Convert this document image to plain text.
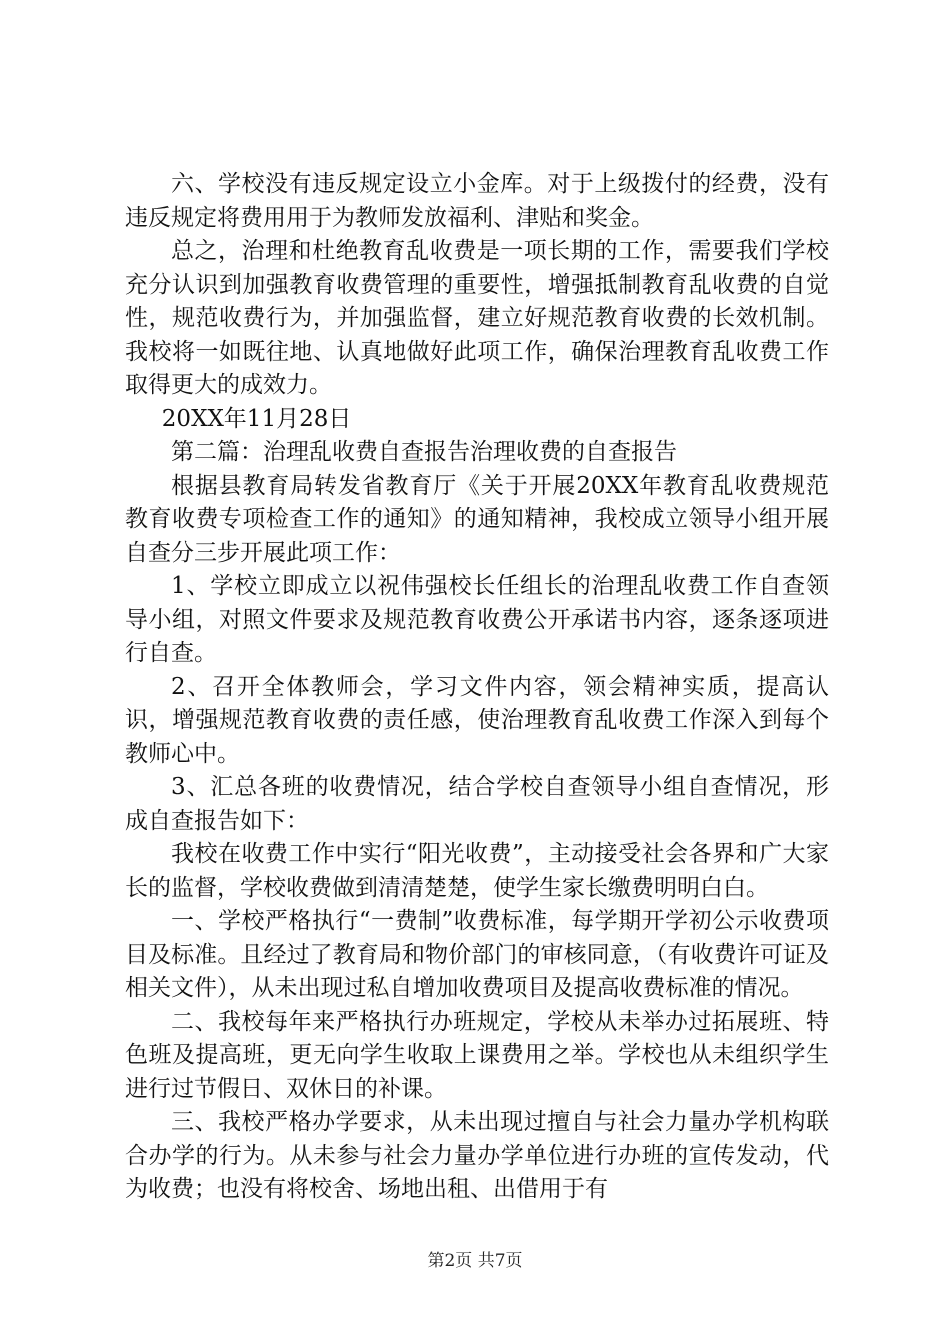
六、学校没有违反规定设立小金库。对于上级拨付的经费，没有违反规定将费用用于为教师发放福利、津贴和奖金。

总之，治理和杜绝教育乱收费是一项长期的工作，需要我们学校充分认识到加强教育收费管理的重要性，增强抵制教育乱收费的自觉性，规范收费行为，并加强监督，建立好规范教育收费的长效机制。我校将一如既往地、认真地做好此项工作，确保治理教育乱收费工作取得更大的成效力。

20XX年11月28日

第二篇：治理乱收费自查报告治理收费的自查报告

根据县教育局转发省教育厅《关于开展20XX年教育乱收费规范教育收费专项检查工作的通知》的通知精神，我校成立领导小组开展自查分三步开展此项工作：

1、学校立即成立以祝伟强校长任组长的治理乱收费工作自查领导小组，对照文件要求及规范教育收费公开承诺书内容，逐条逐项进行自查。

2、召开全体教师会，学习文件内容，领会精神实质，提高认识，增强规范教育收费的责任感，使治理教育乱收费工作深入到每个教师心中。

3、汇总各班的收费情况，结合学校自查领导小组自查情况，形成自查报告如下：

我校在收费工作中实行“阳光收费”，主动接受社会各界和广大家长的监督，学校收费做到清清楚楚，使学生家长缴费明明白白。

一、学校严格执行“一费制”收费标准，每学期开学初公示收费项目及标准。且经过了教育局和物价部门的审核同意，（有收费许可证及相关文件），从未出现过私自增加收费项目及提高收费标准的情况。

二、我校每年来严格执行办班规定，学校从未举办过拓展班、特色班及提高班，更无向学生收取上课费用之举。学校也从未组织学生进行过节假日、双休日的补课。

三、我校严格办学要求，从未出现过擅自与社会力量办学机构联合办学的行为。从未参与社会力量办学单位进行办班的宣传发动，代为收费；也没有将校舍、场地出租、出借用于有

第2页 共7页
